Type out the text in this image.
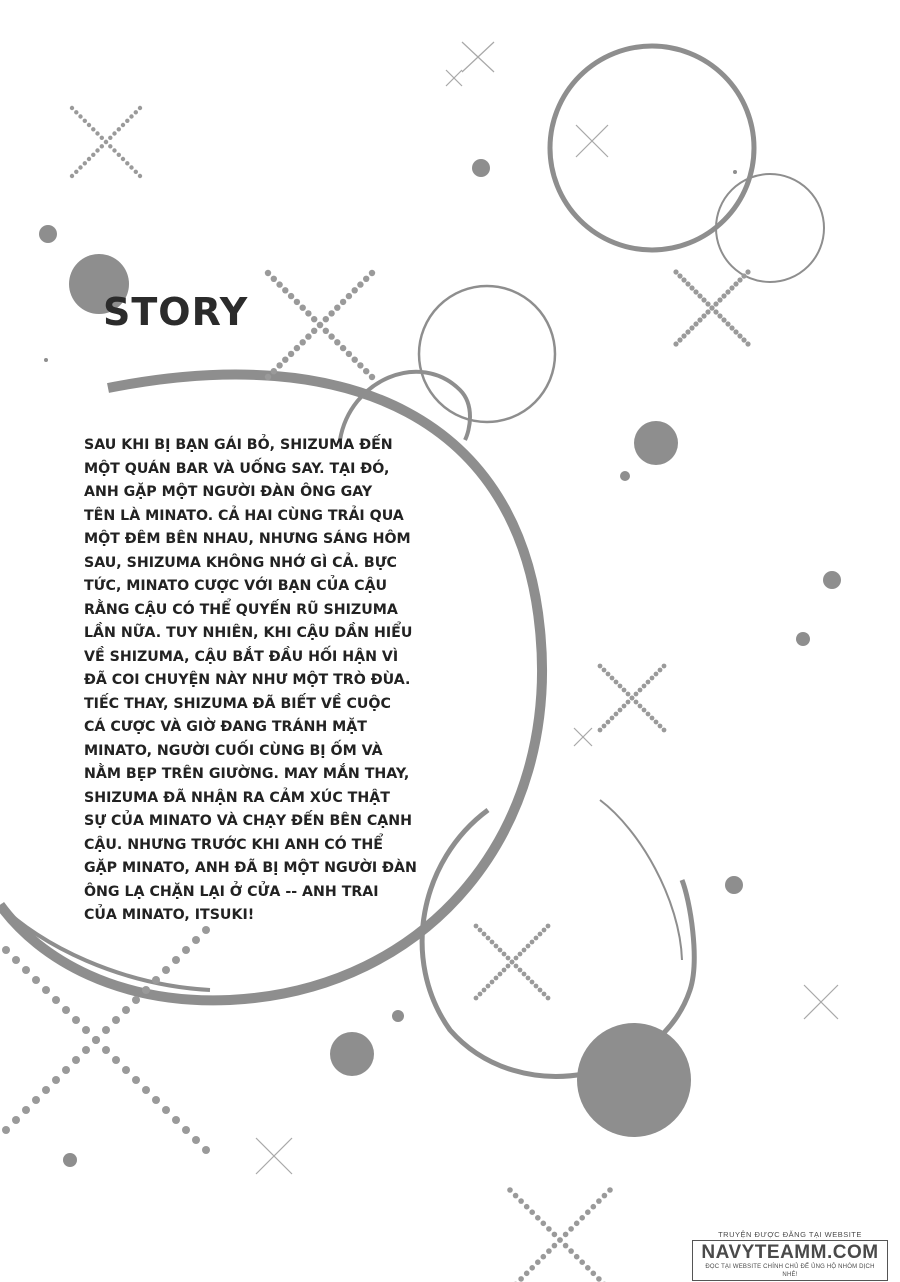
STORY
SAU KHI BỊ BẠN GÁI BỎ, SHIZUMA ĐẾN
MỘT QUÁN BAR VÀ UỐNG SAY. TẠI ĐÓ,
ANH GẶP MỘT NGƯỜI ĐÀN ÔNG GAY
TÊN LÀ MINATO. CẢ HAI CÙNG TRẢI QUA
MỘT ĐÊM BÊN NHAU, NHƯNG SÁNG HÔM
SAU, SHIZUMA KHÔNG NHỚ GÌ CẢ. BỰC
TỨC, MINATO CƯỢC VỚI BẠN CỦA CẬU
RẰNG CẬU CÓ THỂ QUYẾN RŨ SHIZUMA
LẦN NỮA. TUY NHIÊN, KHI CẬU DẦN HIỂU
VỀ SHIZUMA, CẬU BẮT ĐẦU HỐI HẬN VÌ
ĐÃ COI CHUYỆN NÀY NHƯ MỘT TRÒ ĐÙA.
TIẾC THAY, SHIZUMA ĐÃ BIẾT VỀ CUỘC
CÁ CƯỢC VÀ GIỜ ĐANG TRÁNH MẶT
MINATO, NGƯỜI CUỐI CÙNG BỊ ỐM VÀ
NẰM BẸP TRÊN GIƯỜNG. MAY MẮN THAY,
SHIZUMA ĐÃ NHẬN RA CẢM XÚC THẬT
SỰ CỦA MINATO VÀ CHẠY ĐẾN BÊN CẠNH
CẬU. NHƯNG TRƯỚC KHI ANH CÓ THỂ
GẶP MINATO, ANH ĐÃ BỊ MỘT NGƯỜI ĐÀN
ÔNG LẠ CHẶN LẠI Ở CỬA -- ANH TRAI
CỦA MINATO, ITSUKI!
TRUYỆN ĐƯỢC ĐĂNG TẠI WEBSITE
NAVYTEAMM.COM
ĐỌC TẠI WEBSITE CHÍNH CHỦ ĐỂ ỦNG HỘ NHÓM DỊCH NHÉ!
